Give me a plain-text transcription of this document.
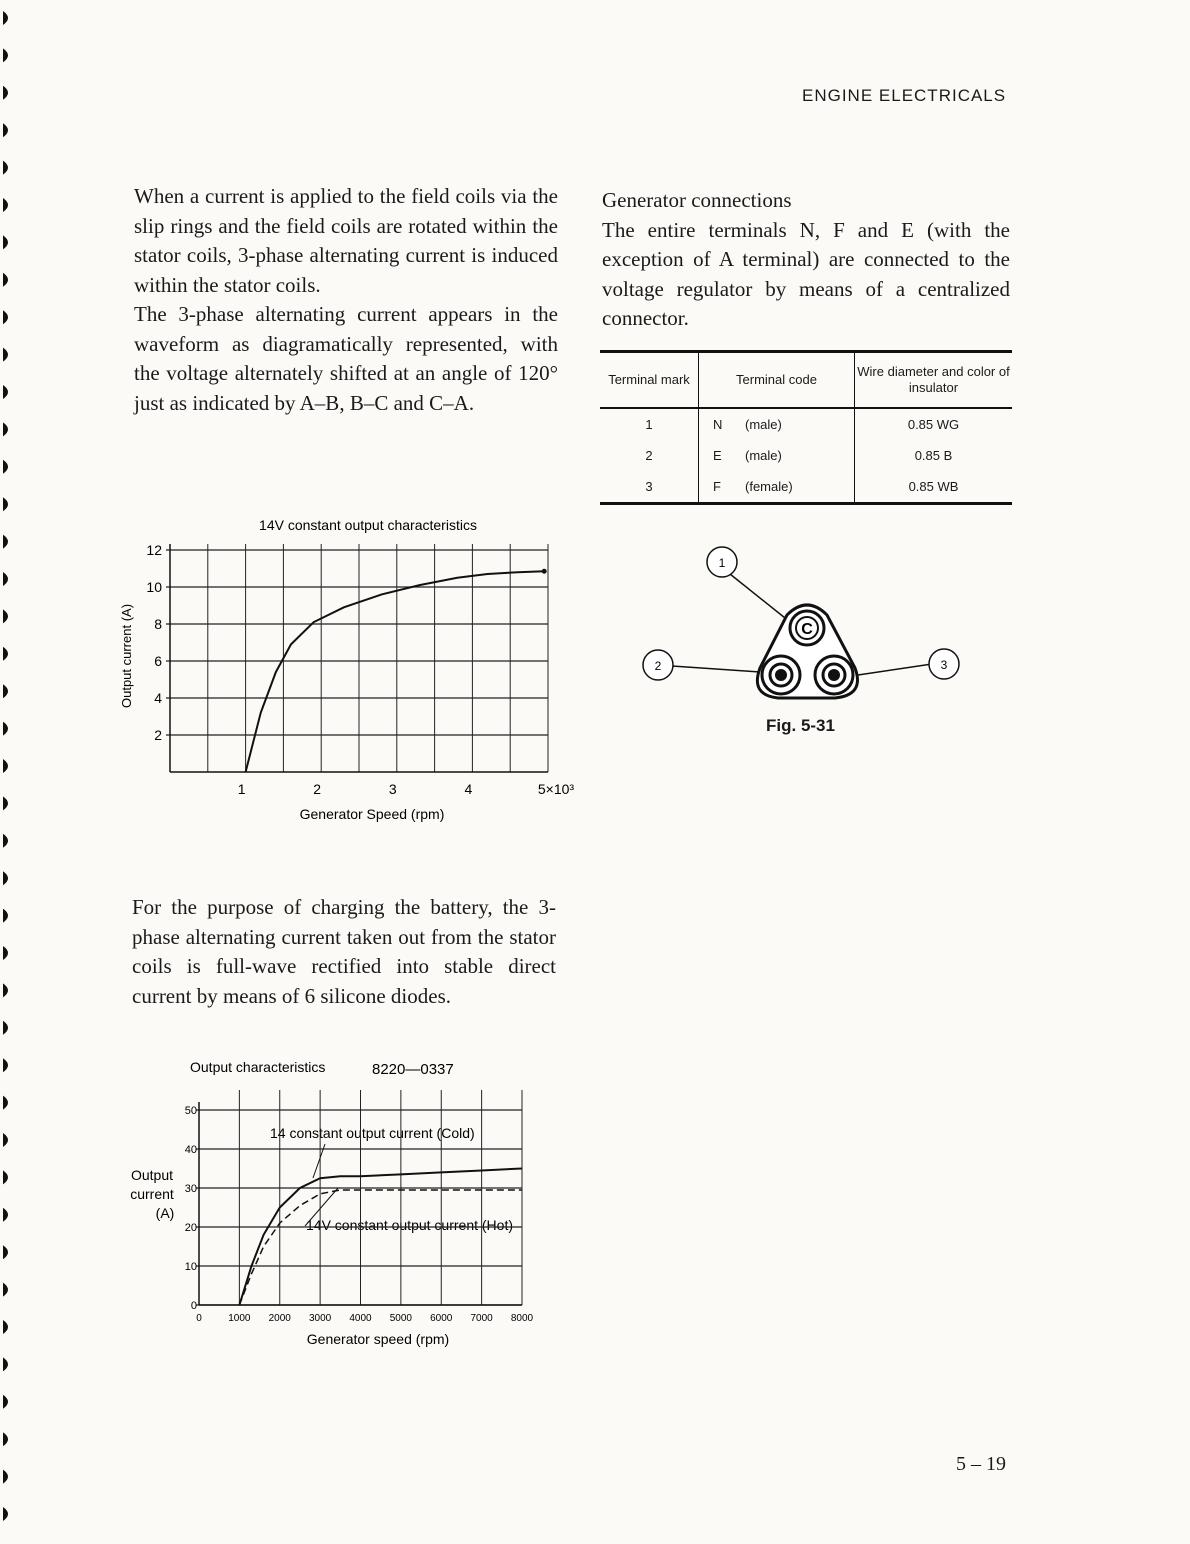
ENGINE ELECTRICALS

When a current is applied to the field coils via the slip rings and the field coils are rotated within the stator coils, 3-phase alternating current is induced within the stator coils.

The 3-phase alternating current appears in the waveform as diagramatically represented, with the voltage alternately shifted at an angle of 120° just as indicated by A–B, B–C and C–A.

Generator connections

The entire terminals N, F and E (with the exception of A terminal) are connected to the voltage regulator by means of a centralized connector.

Terminal mark	Terminal code	Wire diameter and color of insulator
1	N (male)	0.85 WG
2	E (male)	0.85 B
3	F (female)	0.85 WB
C
1
2	3
Fig. 5-31
14V constant output characteristics
Output current (A)
Generator Speed (rpm)
2
4
6
8
10
12
1	2	3	4	5×10³

For the purpose of charging the battery, the 3-phase alternating current taken out from the stator coils is full-wave rectified into stable direct current by means of 6 silicone diodes.

Output characteristics	8220—0337
Output
current
(A)
Generator speed (rpm)
14 constant output current (Cold)
14V constant output current (Hot)
0
10
20
30
40
50
0	1000 2000 3000 4000 5000 6000 7000 8000
5 – 19
